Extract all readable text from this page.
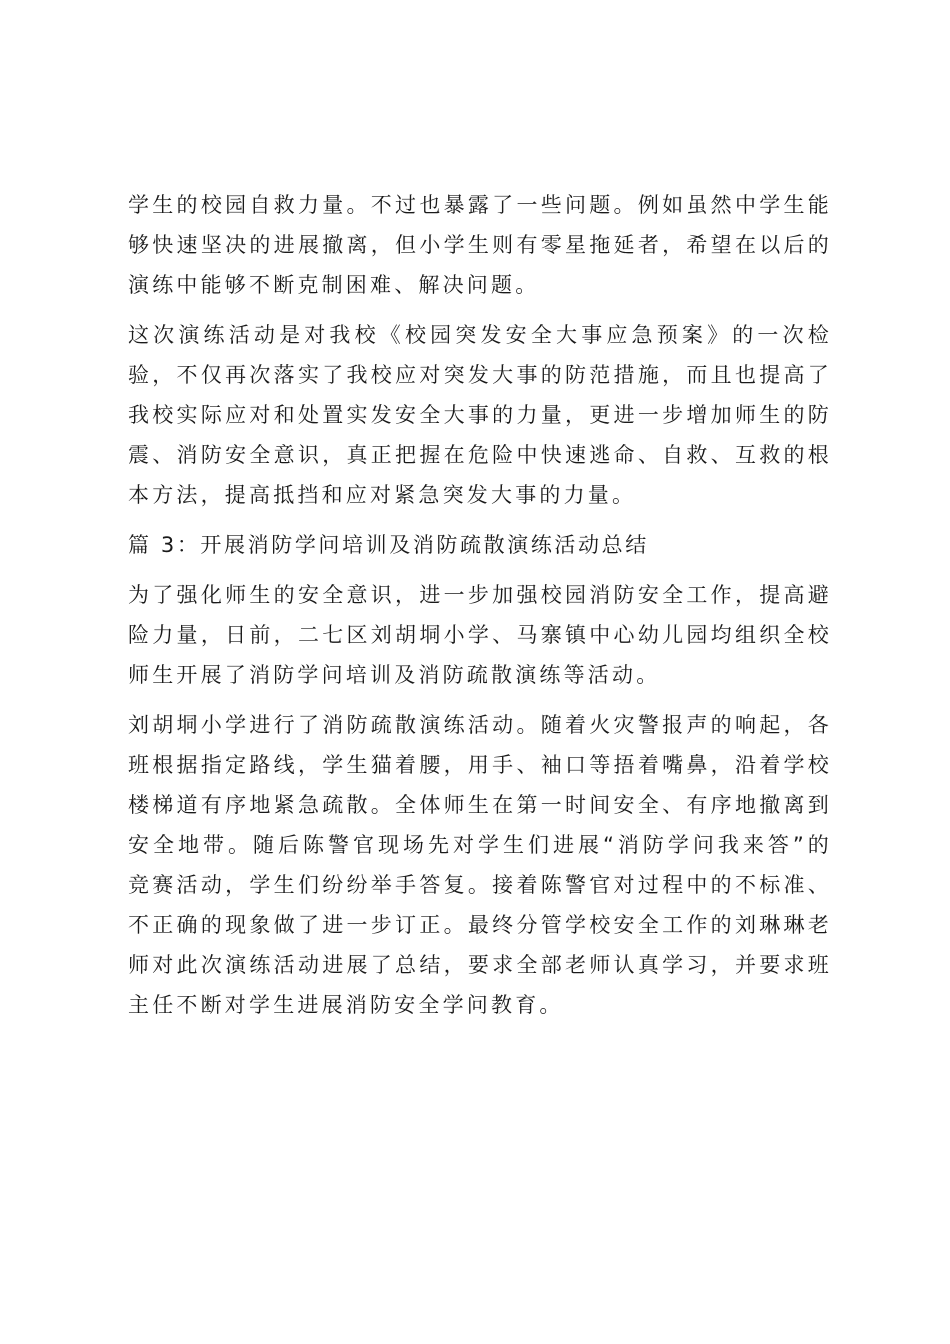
学生的校园自救力量。不过也暴露了一些问题。例如虽然中学生能够快速坚决的进展撤离，但小学生则有零星拖延者，希望在以后的演练中能够不断克制困难、解决问题。

这次演练活动是对我校《校园突发安全大事应急预案》的一次检验，不仅再次落实了我校应对突发大事的防范措施，而且也提高了我校实际应对和处置实发安全大事的力量，更进一步增加师生的防震、消防安全意识，真正把握在危险中快速逃命、自救、互救的根本方法，提高抵挡和应对紧急突发大事的力量。

篇 3：开展消防学问培训及消防疏散演练活动总结

为了强化师生的安全意识，进一步加强校园消防安全工作，提高避险力量，日前，二七区刘胡垌小学、马寨镇中心幼儿园均组织全校师生开展了消防学问培训及消防疏散演练等活动。

刘胡垌小学进行了消防疏散演练活动。随着火灾警报声的响起，各班根据指定路线，学生猫着腰，用手、袖口等捂着嘴鼻，沿着学校楼梯道有序地紧急疏散。全体师生在第一时间安全、有序地撤离到安全地带。随后陈警官现场先对学生们进展“消防学问我来答”的竞赛活动，学生们纷纷举手答复。接着陈警官对过程中的不标准、不正确的现象做了进一步订正。最终分管学校安全工作的刘琳琳老师对此次演练活动进展了总结，要求全部老师认真学习，并要求班主任不断对学生进展消防安全学问教育。
